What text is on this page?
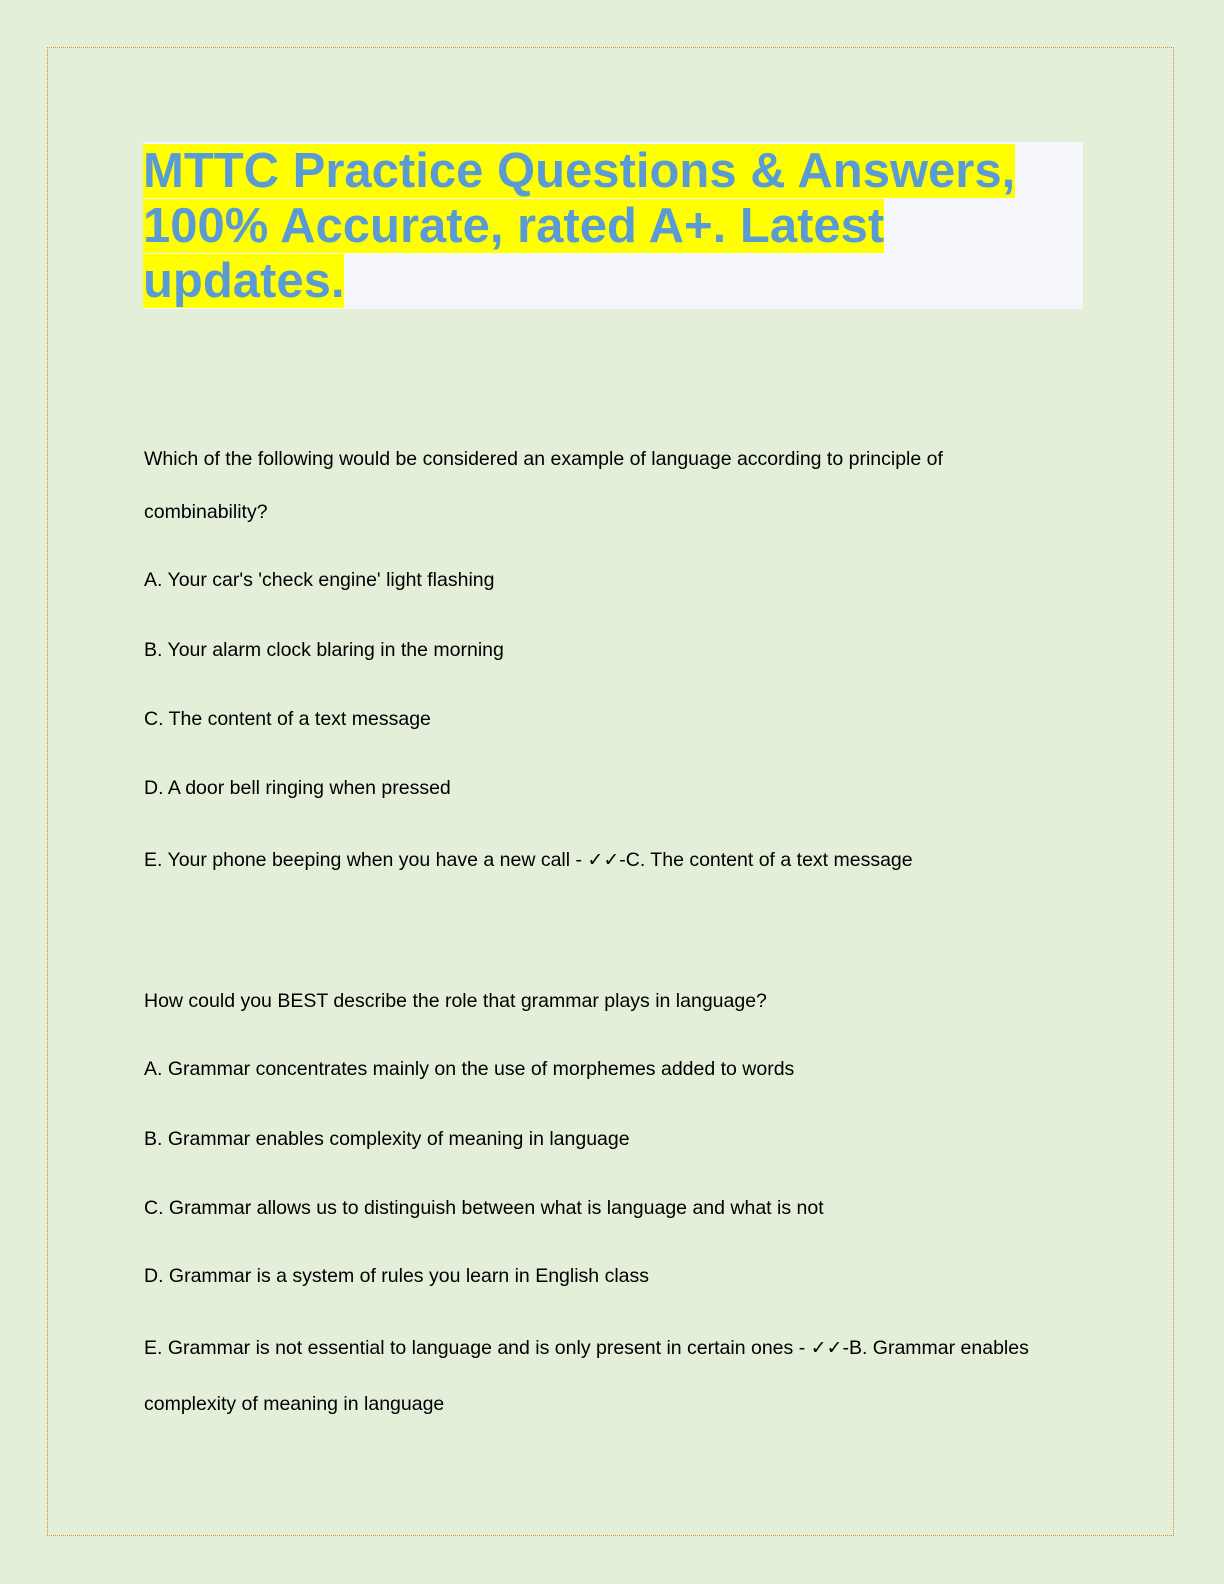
MTTC Practice Questions & Answers,
100% Accurate, rated A+. Latest
updates.
Which of the following would be considered an example of language according to principle of
combinability?
A. Your car's 'check engine' light flashing
B. Your alarm clock blaring in the morning
C. The content of a text message
D. A door bell ringing when pressed
E. Your phone beeping when you have a new call - ✓✓-C. The content of a text message
How could you BEST describe the role that grammar plays in language?
A. Grammar concentrates mainly on the use of morphemes added to words
B. Grammar enables complexity of meaning in language
C. Grammar allows us to distinguish between what is language and what is not
D. Grammar is a system of rules you learn in English class
E. Grammar is not essential to language and is only present in certain ones - ✓✓-B. Grammar enables
complexity of meaning in language
